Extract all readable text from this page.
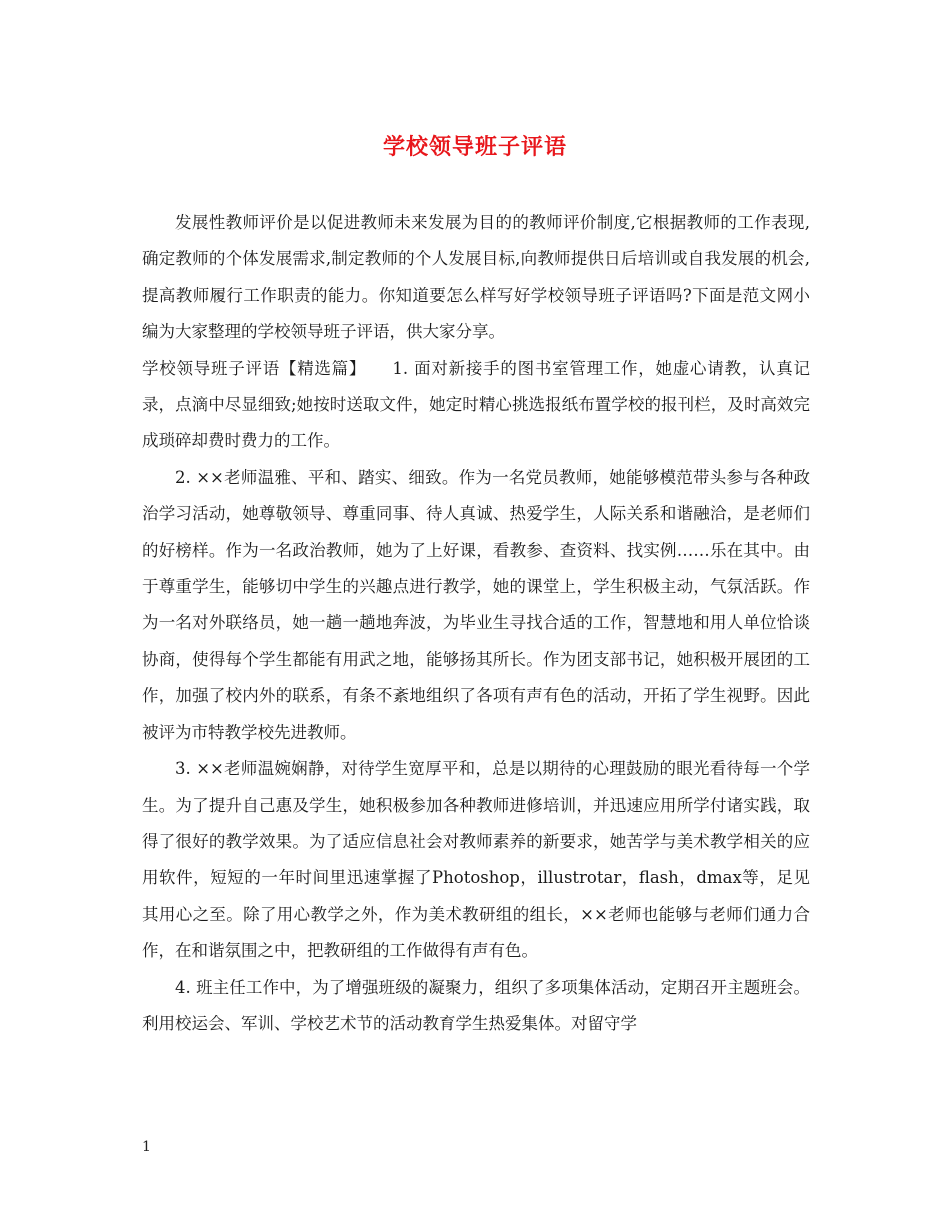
学校领导班子评语

发展性教师评价是以促进教师未来发展为目的的教师评价制度,它根据教师的工作表现,确定教师的个体发展需求,制定教师的个人发展目标,向教师提供日后培训或自我发展的机会,提高教师履行工作职责的能力。你知道要怎么样写好学校领导班子评语吗?下面是范文网小编为大家整理的学校领导班子评语，供大家分享。

学校领导班子评语【精选篇】　　1. 面对新接手的图书室管理工作，她虚心请教，认真记录，点滴中尽显细致;她按时送取文件，她定时精心挑选报纸布置学校的报刊栏，及时高效完成琐碎却费时费力的工作。

2. ××老师温雅、平和、踏实、细致。作为一名党员教师，她能够模范带头参与各种政治学习活动，她尊敬领导、尊重同事、待人真诚、热爱学生，人际关系和谐融洽，是老师们的好榜样。作为一名政治教师，她为了上好课，看教参、查资料、找实例……乐在其中。由于尊重学生，能够切中学生的兴趣点进行教学，她的课堂上，学生积极主动，气氛活跃。作为一名对外联络员，她一趟一趟地奔波，为毕业生寻找合适的工作，智慧地和用人单位恰谈协商，使得每个学生都能有用武之地，能够扬其所长。作为团支部书记，她积极开展团的工作，加强了校内外的联系，有条不紊地组织了各项有声有色的活动，开拓了学生视野。因此被评为市特教学校先进教师。

3. ××老师温婉娴静，对待学生宽厚平和，总是以期待的心理鼓励的眼光看待每一个学生。为了提升自己惠及学生，她积极参加各种教师进修培训，并迅速应用所学付诸实践，取得了很好的教学效果。为了适应信息社会对教师素养的新要求，她苦学与美术教学相关的应用软件，短短的一年时间里迅速掌握了Photoshop，illustrotar，flash，dmax等，足见其用心之至。除了用心教学之外，作为美术教研组的组长，××老师也能够与老师们通力合作，在和谐氛围之中，把教研组的工作做得有声有色。

4. 班主任工作中，为了增强班级的凝聚力，组织了多项集体活动，定期召开主题班会。利用校运会、军训、学校艺术节的活动教育学生热爱集体。对留守学

1
